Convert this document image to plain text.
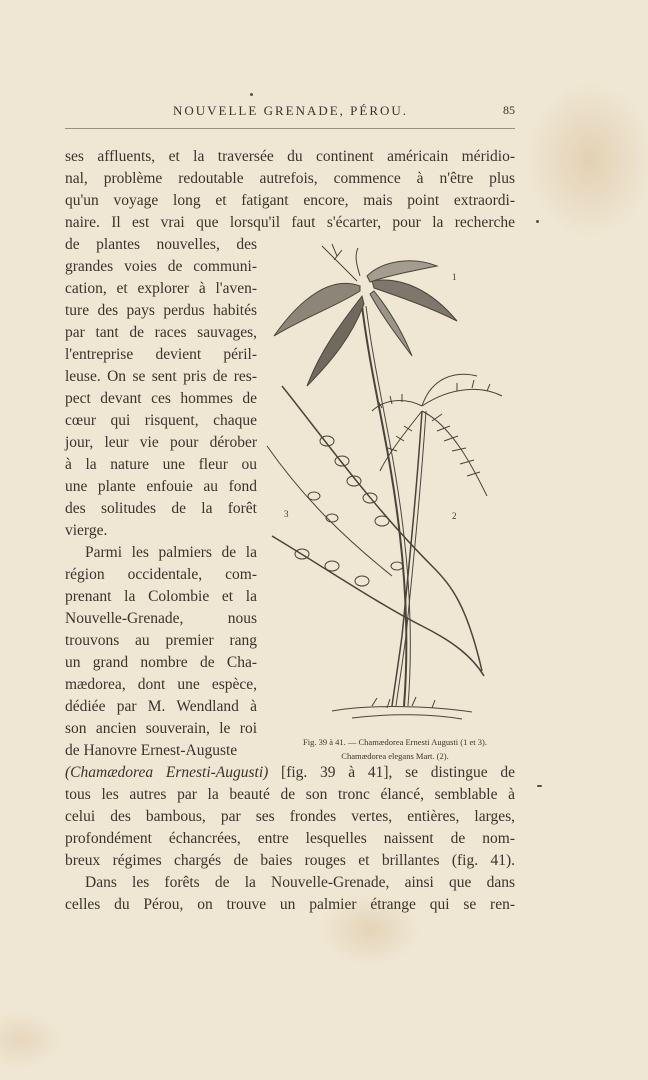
NOUVELLE GRENADE, PÉROU.	85
ses affluents, et la traversée du continent américain méridio-
nal, problème redoutable autrefois, commence à n'être plus
qu'un voyage long et fatigant encore, mais point extraordi-
naire. Il est vrai que lorsqu'il faut s'écarter, pour la recherche
de plantes nouvelles, des
grandes voies de communi-
cation, et explorer à l'aven-
ture des pays perdus habités
par tant de races sauvages,
l'entreprise devient péril-
leuse. On se sent pris de res-
pect devant ces hommes de
cœur qui risquent, chaque
jour, leur vie pour dérober
à la nature une fleur ou
une plante enfouie au fond
des solitudes de la forêt
vierge.
Parmi les palmiers de la
région occidentale, com-
prenant la Colombie et la
Nouvelle-Grenade, nous
trouvons au premier rang
un grand nombre de Cha-
mædorea, dont une espèce,
dédiée par M. Wendland à
son ancien souverain, le roi
de Hanovre Ernest-Auguste
(Chamædorea Ernesti-Augusti) [fig. 39 à 41], se distingue de
tous les autres par la beauté de son tronc élancé, semblable à
celui des bambous, par ses frondes vertes, entières, larges,
profondément échancrées, entre lesquelles naissent de nom-
breux régimes chargés de baies rouges et brillantes (fig. 41).
Dans les forêts de la Nouvelle-Grenade, ainsi que dans
celles du Pérou, on trouve un palmier étrange qui se ren-
1
2
3
Fig. 39 à 41. — Chamædorea Ernesti Augusti (1 et 3).
Chamædorea elegans Mart. (2).
